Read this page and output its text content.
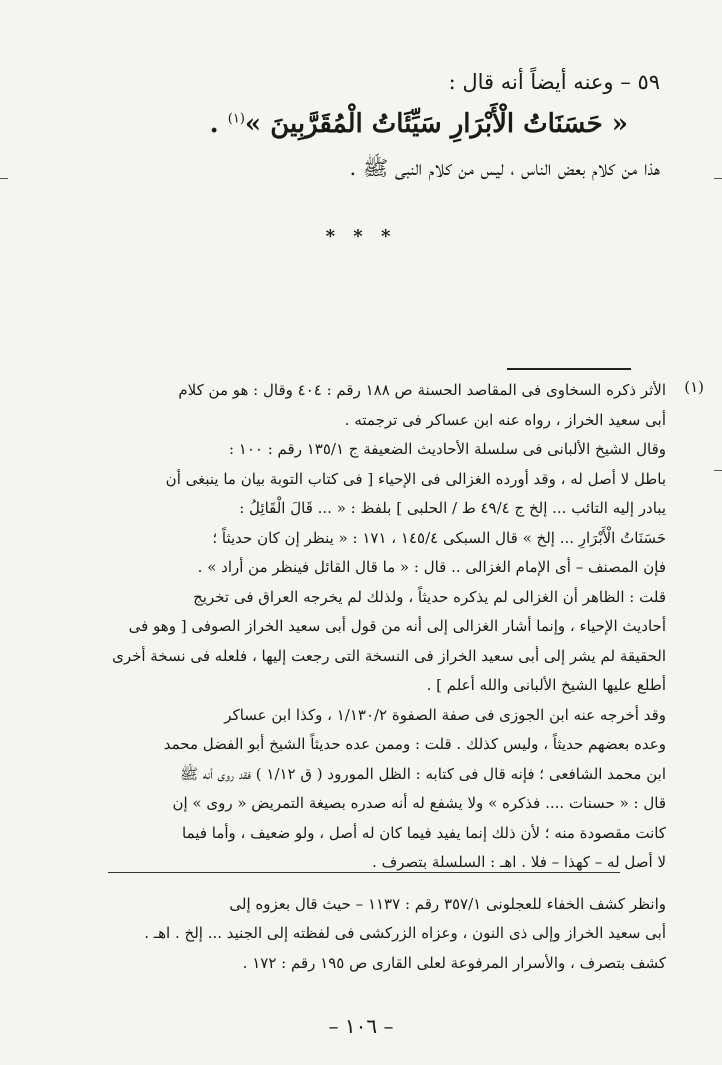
٥٩ – وعنه أيضاً أنه قال :
« حَسَنَاتُ الْأَبْرَارِ سَيِّئَاتُ الْمُقَرَّبِينَ »$^{(١)}$ .
هذا من كلام بعض الناس ، ليس من كلام النبى ﷺ .
* * *
(١)
الأثر ذكره السخاوى فى المقاصد الحسنة ص ١٨٨ رقم : ٤٠٤ وقال : هو من كلام
أبى سعيد الخراز ، رواه عنه ابن عساكر فى ترجمته .
وقال الشيخ الألبانى فى سلسلة الأحاديث الضعيفة ج ١٣٥/١ رقم : ١٠٠ :
باطل لا أصل له ، وقد أورده الغزالى فى الإحياء [ فى كتاب التوبة بيان ما ينبغى أن
يبادر إليه التائب ... إلخ ج ٤٩/٤ ط / الحلبى ] بلفظ : « ... قَالَ الْقَائِلُ :
حَسَنَاتُ الْأَبْرَارِ ... إلخ » قال السبكى ١٤٥/٤ ، ١٧١ : « ينظر إن كان حديثاً ؛
فإن المصنف – أى الإمام الغزالى .. قال : « ما قال القائل فينظر من أراد » .
قلت : الظاهر أن الغزالى لم يذكره حديثاً ، ولذلك لم يخرجه العراق فى تخريج
أحاديث الإحياء ، وإنما أشار الغزالى إلى أنه من قول أبى سعيد الخراز الصوفى [ وهو فى
الحقيقة لم يشر إلى أبى سعيد الخراز فى النسخة التى رجعت إليها ، فلعله فى نسخة أخرى
أطلع عليها الشيخ الألبانى والله أعلم ] .
وقد أخرجه عنه ابن الجوزى فى صفة الصفوة ١/١٣٠/٢ ، وكذا ابن عساكر
وعده بعضهم حديثاً ، وليس كذلك . قلت : وممن عده حديثاً الشيخ أبو الفضل محمد
ابن محمد الشافعى ؛ فإنه قال فى كتابه : الظل المورود ( ق ١/١٢ ) فقد روى أنه ﷺ
قال : « حسنات .... فذكره » ولا يشفع له أنه صدره بصيغة التمريض « روى » إن
كانت مقصودة منه ؛ لأن ذلك إنما يفيد فيما كان له أصل ، ولو ضعيف ، وأما فيما
لا أصل له – كهذا – فلا . اهـ : السلسلة بتصرف .
وانظر كشف الخفاء للعجلونى ٣٥٧/١ رقم : ١١٣٧ – حيث قال بعزوه إلى
أبى سعيد الخراز وإلى ذى النون ، وعزاه الزركشى فى لفظته إلى الجنيد ... إلخ . اهـ .
كشف بتصرف ، والأسرار المرفوعة لعلى القارى ص ١٩٥ رقم : ١٧٢ .
– ١٠٦ –
